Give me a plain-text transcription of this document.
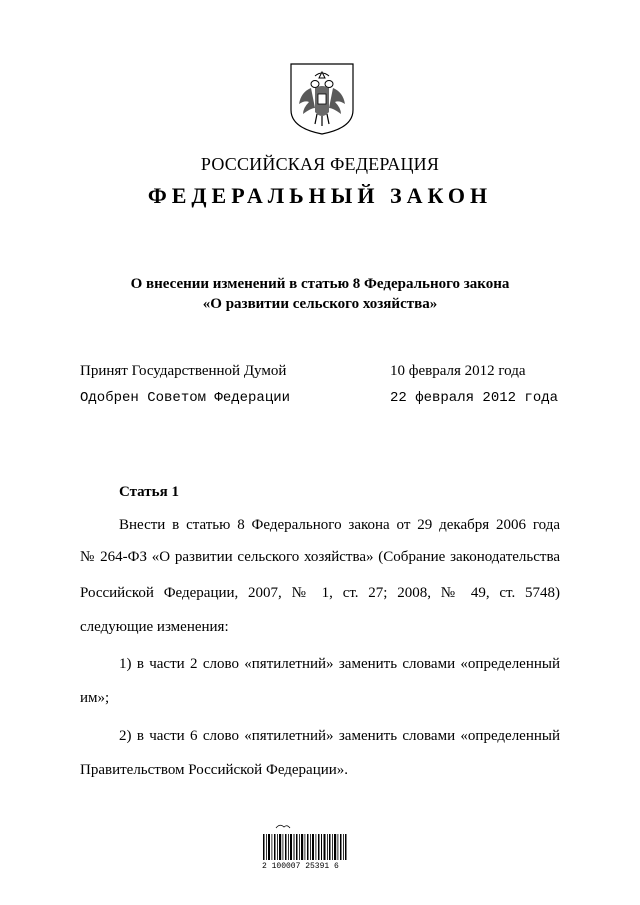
РОССИЙСКАЯ ФЕДЕРАЦИЯ
ФЕДЕРАЛЬНЫЙ ЗАКОН
О внесении изменений в статью 8 Федерального закона
«О развитии сельского хозяйства»
Принят Государственной Думой	10 февраля 2012 года
Одобрен Советом Федерации	22 февраля 2012 года
Статья 1
Внести в статью 8 Федерального закона от 29 декабря 2006 года
№ 264-ФЗ «О развитии сельского хозяйства» (Собрание законодательства
Российской Федерации, 2007, № 1, ст. 27; 2008, № 49, ст. 5748)
следующие изменения:
1) в части 2 слово «пятилетний» заменить словами «определенный
им»;
2) в части 6 слово «пятилетний» заменить словами «определенный
Правительством Российской Федерации».
2 100007 25391 6
